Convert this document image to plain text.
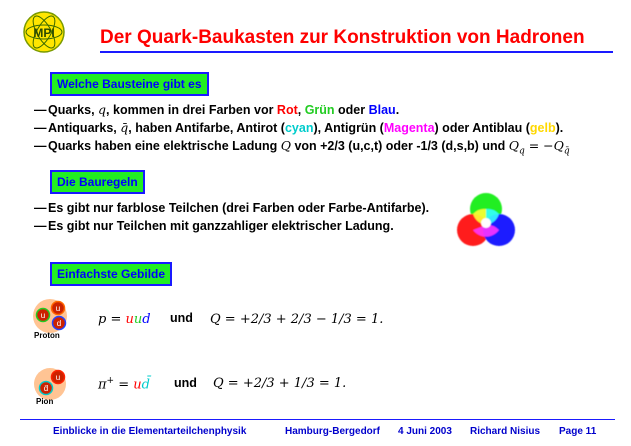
MPI Der Quark-Baukasten zur Konstruktion von Hadronen
Welche Bausteine gibt es
— Quarks, q, kommen in drei Farben vor Rot, Grün oder Blau.
— Antiquarks, q̄, haben Antifarbe, Antirot (cyan), Antigrün (Magenta) oder Antiblau (gelb).
— Quarks haben eine elektrische Ladung Q von +2/3 (u,c,t) oder -1/3 (d,s,b) und $Q_q = -Q_{q̄}$
Die Bauregeln
— Es gibt nur farblose Teilchen (drei Farben oder Farbe-Antifarbe).
— Es gibt nur Teilchen mit ganzzahliger elektrischer Ladung.
Einfachste Gebilde
u
u
d
Proton
p = uud und Q = +2/3 + 2/3 − 1/3 = 1.
u
d̄
Pion
π+ = ud̄ und Q = +2/3 + 1/3 = 1.
Einblicke in die Elementarteilchenphysik	Hamburg-Bergedorf 4 Juni 2003 Richard Nisius Page 11
